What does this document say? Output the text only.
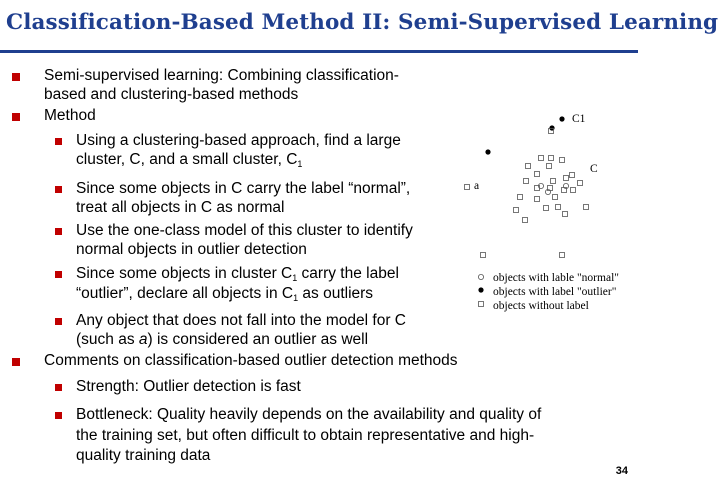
Classification-Based Method II: Semi-Supervised Learning
Semi-supervised learning: Combining classification-
based and clustering-based methods
Method
Using a clustering-based approach, find a large
cluster, C, and a small cluster, C1
Since some objects in C carry the label “normal”,
treat all objects in C as normal
Use the one-class model of this cluster to identify
normal objects in outlier detection
Since some objects in cluster C1 carry the label
“outlier”, declare all objects in C1 as outliers
Any object that does not fall into the model for C
(such as a) is considered an outlier as well
Comments on classification-based outlier detection methods
Strength: Outlier detection is fast
Bottleneck: Quality heavily depends on the availability and quality of
the training set, but often difficult to obtain representative and high-
quality training data
34
C1
C
a
objects with lable "normal"
objects with label "outlier"
objects without label
